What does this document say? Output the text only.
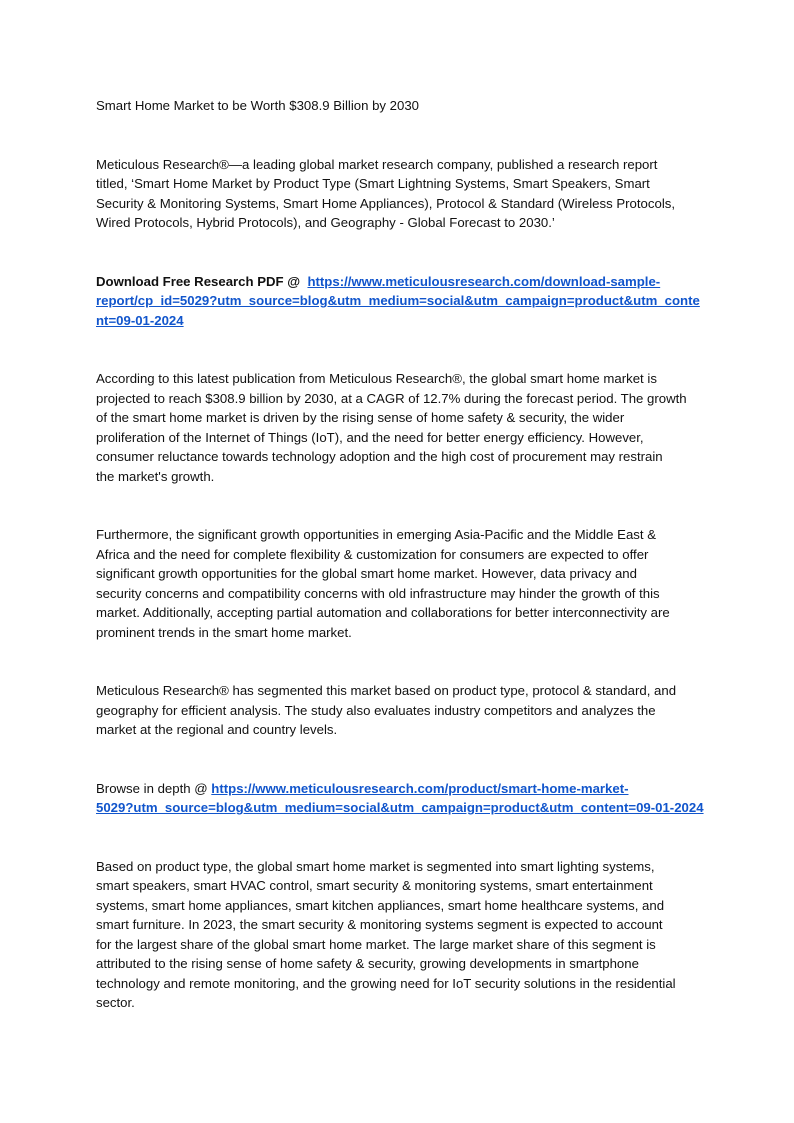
Smart Home Market to be Worth $308.9 Billion by 2030

Meticulous Research®—a leading global market research company, published a research report

titled, ‘Smart Home Market by Product Type (Smart Lightning Systems, Smart Speakers, Smart

Security & Monitoring Systems, Smart Home Appliances), Protocol & Standard (Wireless Protocols,

Wired Protocols, Hybrid Protocols), and Geography - Global Forecast to 2030.’

Download Free Research PDF @ https://www.meticulousresearch.com/download-sample-

report/cp_id=5029?utm_source=blog&utm_medium=social&utm_campaign=product&utm_conte

nt=09-01-2024

According to this latest publication from Meticulous Research®, the global smart home market is

projected to reach $308.9 billion by 2030, at a CAGR of 12.7% during the forecast period. The growth

of the smart home market is driven by the rising sense of home safety & security, the wider

proliferation of the Internet of Things (IoT), and the need for better energy efficiency. However,

consumer reluctance towards technology adoption and the high cost of procurement may restrain

the market's growth.

Furthermore, the significant growth opportunities in emerging Asia-Pacific and the Middle East &

Africa and the need for complete flexibility & customization for consumers are expected to offer

significant growth opportunities for the global smart home market. However, data privacy and

security concerns and compatibility concerns with old infrastructure may hinder the growth of this

market. Additionally, accepting partial automation and collaborations for better interconnectivity are

prominent trends in the smart home market.

Meticulous Research® has segmented this market based on product type, protocol & standard, and

geography for efficient analysis. The study also evaluates industry competitors and analyzes the

market at the regional and country levels.

Browse in depth @ https://www.meticulousresearch.com/product/smart-home-market-

5029?utm_source=blog&utm_medium=social&utm_campaign=product&utm_content=09-01-2024

Based on product type, the global smart home market is segmented into smart lighting systems,

smart speakers, smart HVAC control, smart security & monitoring systems, smart entertainment

systems, smart home appliances, smart kitchen appliances, smart home healthcare systems, and

smart furniture. In 2023, the smart security & monitoring systems segment is expected to account

for the largest share of the global smart home market. The large market share of this segment is

attributed to the rising sense of home safety & security, growing developments in smartphone

technology and remote monitoring, and the growing need for IoT security solutions in the residential

sector.
